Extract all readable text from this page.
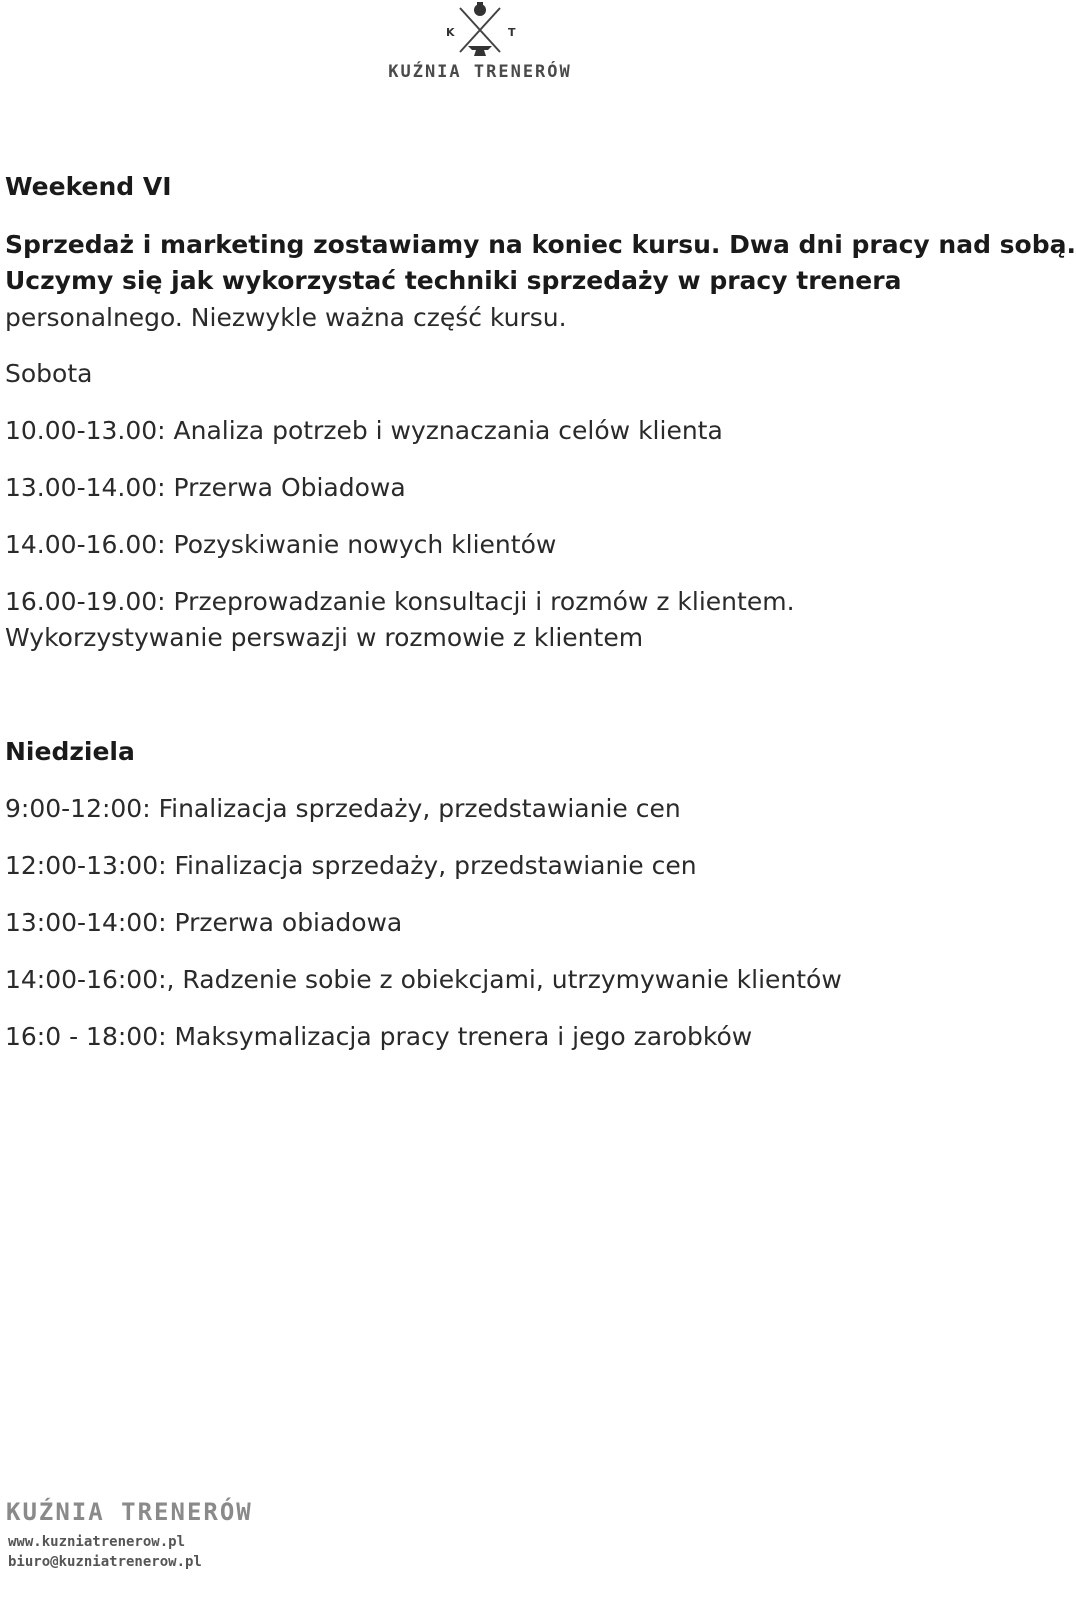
K	T
KUŹNIA TRENERÓW
Weekend VI
Sprzedaż i marketing zostawiamy na koniec kursu. Dwa dni pracy nad sobą.
Uczymy się jak wykorzystać techniki sprzedaży w pracy trenera
personalnego. Niezwykle ważna część kursu.
Sobota
10.00-13.00: Analiza potrzeb i wyznaczania celów klienta
13.00-14.00: Przerwa Obiadowa
14.00-16.00: Pozyskiwanie nowych klientów
16.00-19.00: Przeprowadzanie konsultacji i rozmów z klientem.
Wykorzystywanie perswazji w rozmowie z klientem
Niedziela
9:00-12:00: Finalizacja sprzedaży, przedstawianie cen
12:00-13:00: Finalizacja sprzedaży, przedstawianie cen
13:00-14:00: Przerwa obiadowa
14:00-16:00:, Radzenie sobie z obiekcjami, utrzymywanie klientów
16:0 - 18:00: Maksymalizacja pracy trenera i jego zarobków
KUŹNIA TRENERÓW
www.kuzniatrenerow.pl
biuro@kuzniatrenerow.pl
